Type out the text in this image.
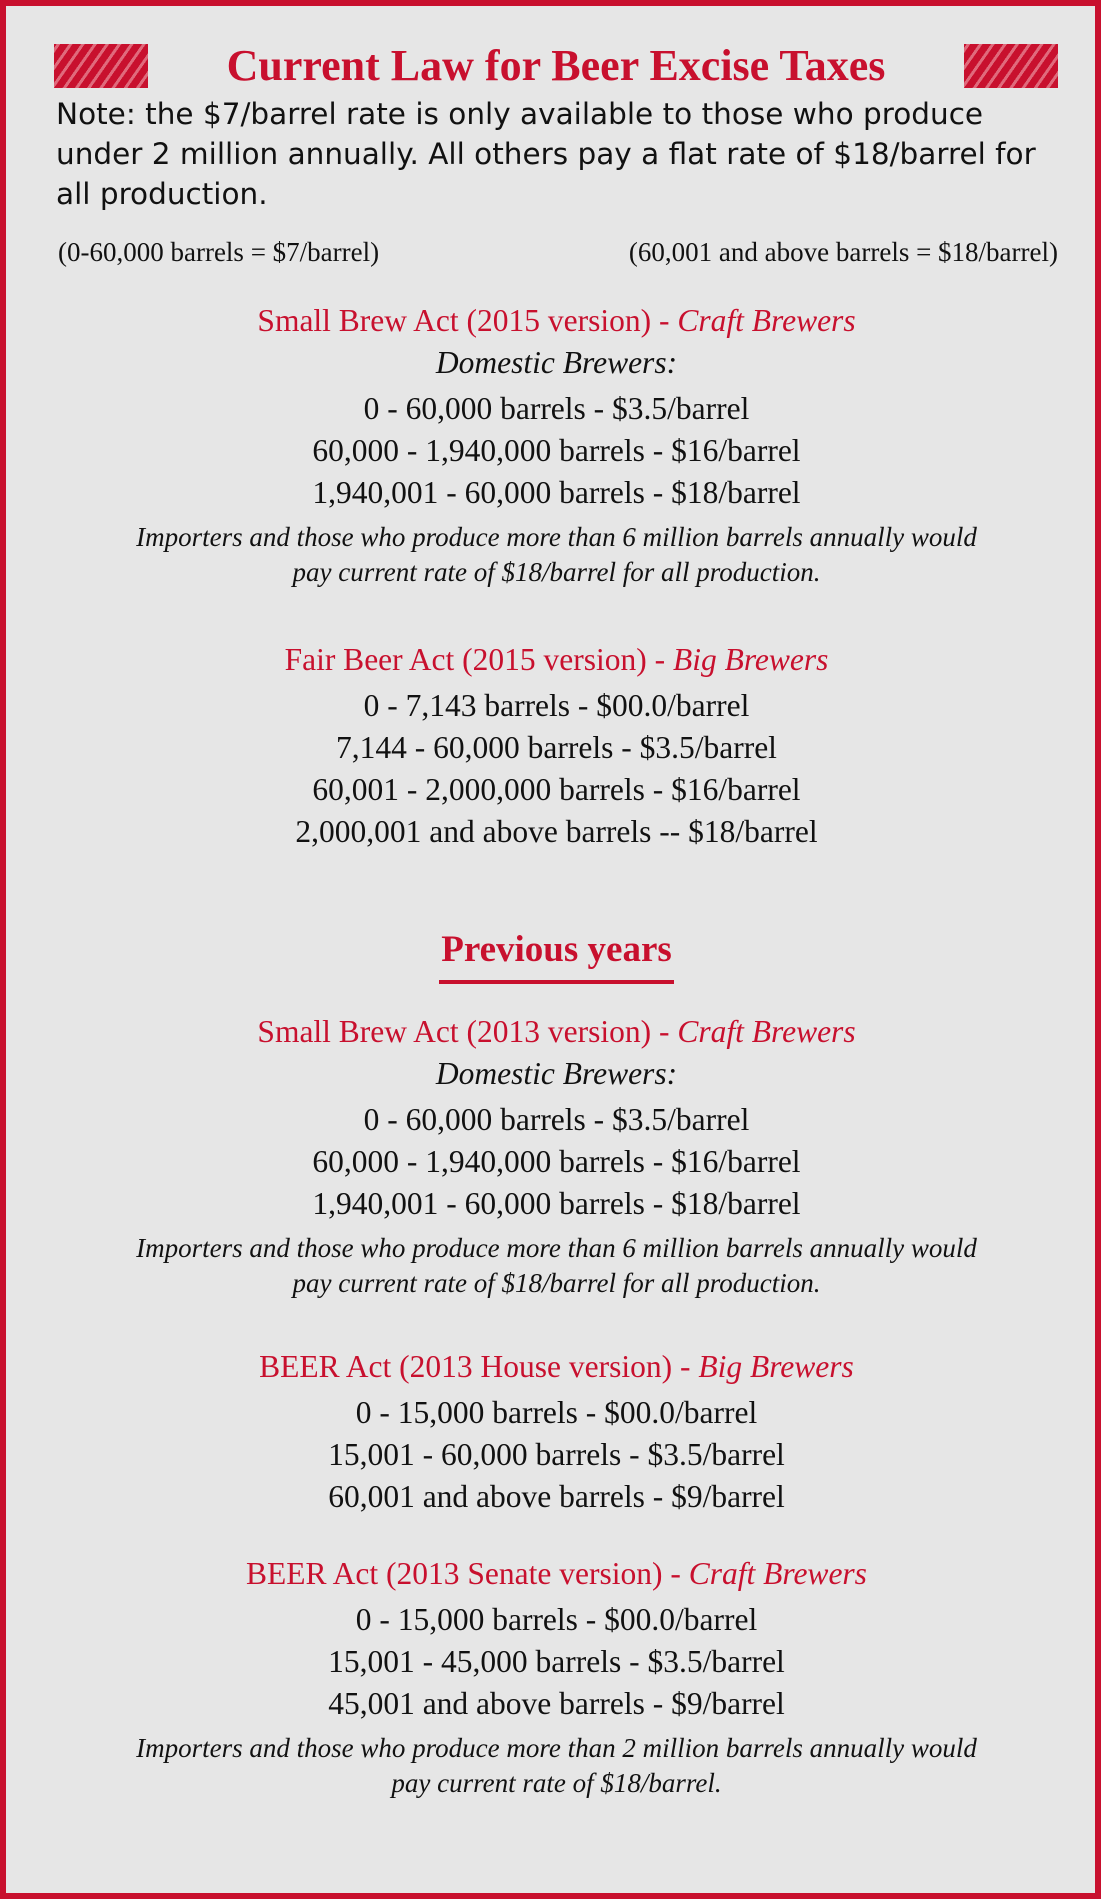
Current Law for Beer Excise Taxes

Note: the $7/barrel rate is only available to those who produce under 2 million annually. All others pay a flat rate of $18/barrel for all production.

(0-60,000 barrels = $7/barrel)	(60,001 and above barrels = $18/barrel)
Small Brew Act (2015 version) - Craft Brewers
Domestic Brewers:
0 - 60,000 barrels - $3.5/barrel
60,000 - 1,940,000 barrels - $16/barrel
1,940,001 - 60,000 barrels - $18/barrel
Importers and those who produce more than 6 million barrels annually would
pay current rate of $18/barrel for all production.
Fair Beer Act (2015 version) - Big Brewers
0 - 7,143 barrels - $00.0/barrel
7,144 - 60,000 barrels - $3.5/barrel
60,001 - 2,000,000 barrels - $16/barrel
2,000,001 and above barrels -- $18/barrel
Previous years
Small Brew Act (2013 version) - Craft Brewers
Domestic Brewers:
0 - 60,000 barrels - $3.5/barrel
60,000 - 1,940,000 barrels - $16/barrel
1,940,001 - 60,000 barrels - $18/barrel
Importers and those who produce more than 6 million barrels annually would
pay current rate of $18/barrel for all production.
BEER Act (2013 House version) - Big Brewers
0 - 15,000 barrels - $00.0/barrel
15,001 - 60,000 barrels - $3.5/barrel
60,001 and above barrels - $9/barrel
BEER Act (2013 Senate version) - Craft Brewers
0 - 15,000 barrels - $00.0/barrel
15,001 - 45,000 barrels - $3.5/barrel
45,001 and above barrels - $9/barrel
Importers and those who produce more than 2 million barrels annually would
pay current rate of $18/barrel.
